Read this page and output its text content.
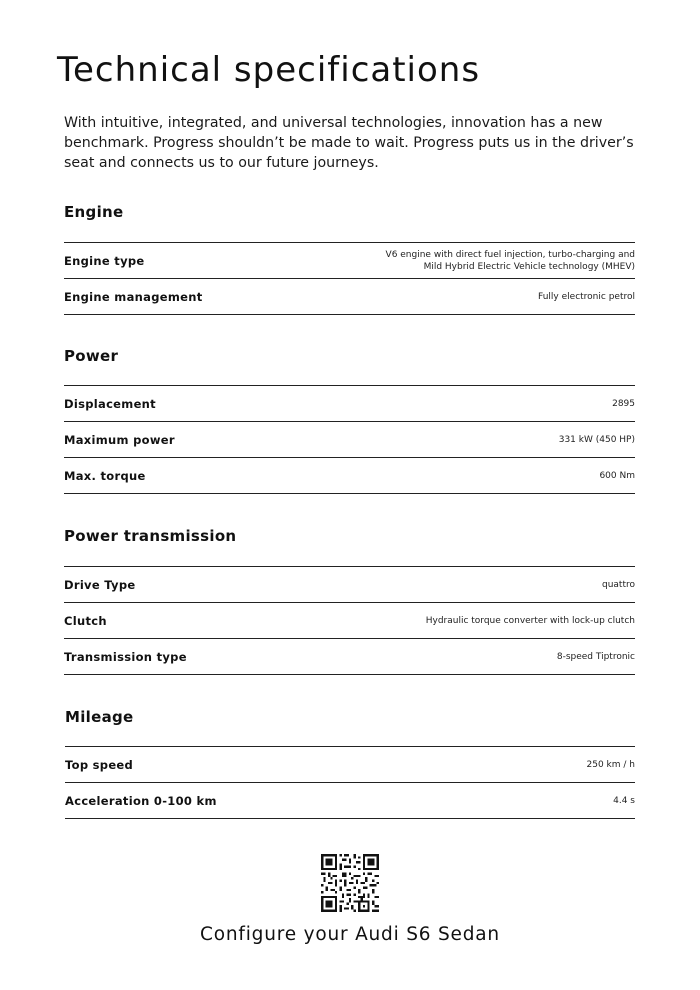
Technical specifications

With intuitive, integrated, and universal technologies, innovation has a new benchmark. Progress shouldn’t be made to wait. Progress puts us in the driver’s seat and connects us to our future journeys.

Engine
Engine type	V6 engine with direct fuel injection, turbo-charging and
Mild Hybrid Electric Vehicle technology (MHEV)
Engine management	Fully electronic petrol
Power
Displacement	2895
Maximum power	331 kW (450 HP)
Max. torque	600 Nm
Power transmission
Drive Type	quattro
Clutch	Hydraulic torque converter with lock-up clutch
Transmission type	8-speed Tiptronic
Mileage
Top speed	250 km / h
Acceleration 0-100 km	4.4 s

Configure your Audi S6 Sedan
